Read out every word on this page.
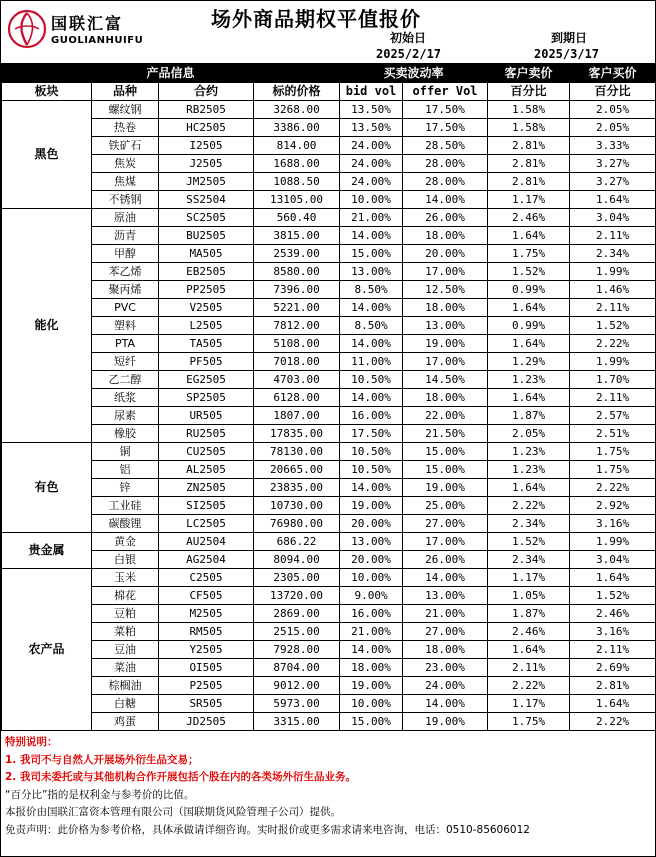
国联汇富
GUOLIANHUIFU
场外商品期权平值报价
初始日	到期日
2025/2/17	2025/3/17
产品信息				买卖波动率		客户卖价	客户买价
板块	品种	合约	标的价格	bid vol	offer Vol	百分比	百分比
黑色	螺纹钢	RB2505	3268.00	13.50%	17.50%	1.58%	2.05%
	热卷	HC2505	3386.00	13.50%	17.50%	1.58%	2.05%
	铁矿石	I2505	814.00	24.00%	28.50%	2.81%	3.33%
	焦炭	J2505	1688.00	24.00%	28.00%	2.81%	3.27%
	焦煤	JM2505	1088.50	24.00%	28.00%	2.81%	3.27%
	不锈钢	SS2504	13105.00	10.00%	14.00%	1.17%	1.64%
能化	原油	SC2505	560.40	21.00%	26.00%	2.46%	3.04%
	沥青	BU2505	3815.00	14.00%	18.00%	1.64%	2.11%
	甲醇	MA505	2539.00	15.00%	20.00%	1.75%	2.34%
	苯乙烯	EB2505	8580.00	13.00%	17.00%	1.52%	1.99%
	聚丙烯	PP2505	7396.00	8.50%	12.50%	0.99%	1.46%
	PVC	V2505	5221.00	14.00%	18.00%	1.64%	2.11%
	塑料	L2505	7812.00	8.50%	13.00%	0.99%	1.52%
	PTA	TA505	5108.00	14.00%	19.00%	1.64%	2.22%
	短纤	PF505	7018.00	11.00%	17.00%	1.29%	1.99%
	乙二醇	EG2505	4703.00	10.50%	14.50%	1.23%	1.70%
	纸浆	SP2505	6128.00	14.00%	18.00%	1.64%	2.11%
	尿素	UR505	1807.00	16.00%	22.00%	1.87%	2.57%
	橡胶	RU2505	17835.00	17.50%	21.50%	2.05%	2.51%
有色	铜	CU2505	78130.00	10.50%	15.00%	1.23%	1.75%
	铝	AL2505	20665.00	10.50%	15.00%	1.23%	1.75%
	锌	ZN2505	23835.00	14.00%	19.00%	1.64%	2.22%
	工业硅	SI2505	10730.00	19.00%	25.00%	2.22%	2.92%
	碳酸锂	LC2505	76980.00	20.00%	27.00%	2.34%	3.16%
贵金属	黄金	AU2504	686.22	13.00%	17.00%	1.52%	1.99%
	白银	AG2504	8094.00	20.00%	26.00%	2.34%	3.04%
农产品	玉米	C2505	2305.00	10.00%	14.00%	1.17%	1.64%
	棉花	CF505	13720.00	9.00%	13.00%	1.05%	1.52%
	豆粕	M2505	2869.00	16.00%	21.00%	1.87%	2.46%
	菜粕	RM505	2515.00	21.00%	27.00%	2.46%	3.16%
	豆油	Y2505	7928.00	14.00%	18.00%	1.64%	2.11%
	菜油	OI505	8704.00	18.00%	23.00%	2.11%	2.69%
	棕榈油	P2505	9012.00	19.00%	24.00%	2.22%	2.81%
	白糖	SR505	5973.00	10.00%	14.00%	1.17%	1.64%
	鸡蛋	JD2505	3315.00	15.00%	19.00%	1.75%	2.22%
特别说明：
1. 我司不与自然人开展场外衍生品交易；
2. 我司未委托或与其他机构合作开展包括个股在内的各类场外衍生品业务。
“百分比”指的是权利金与参考价的比值。
本报价由国联汇富资本管理有限公司（国联期货风险管理子公司）提供。
免责声明：此价格为参考价格，具体承做请详细咨询。实时报价或更多需求请来电咨询，电话：0510-85606012
